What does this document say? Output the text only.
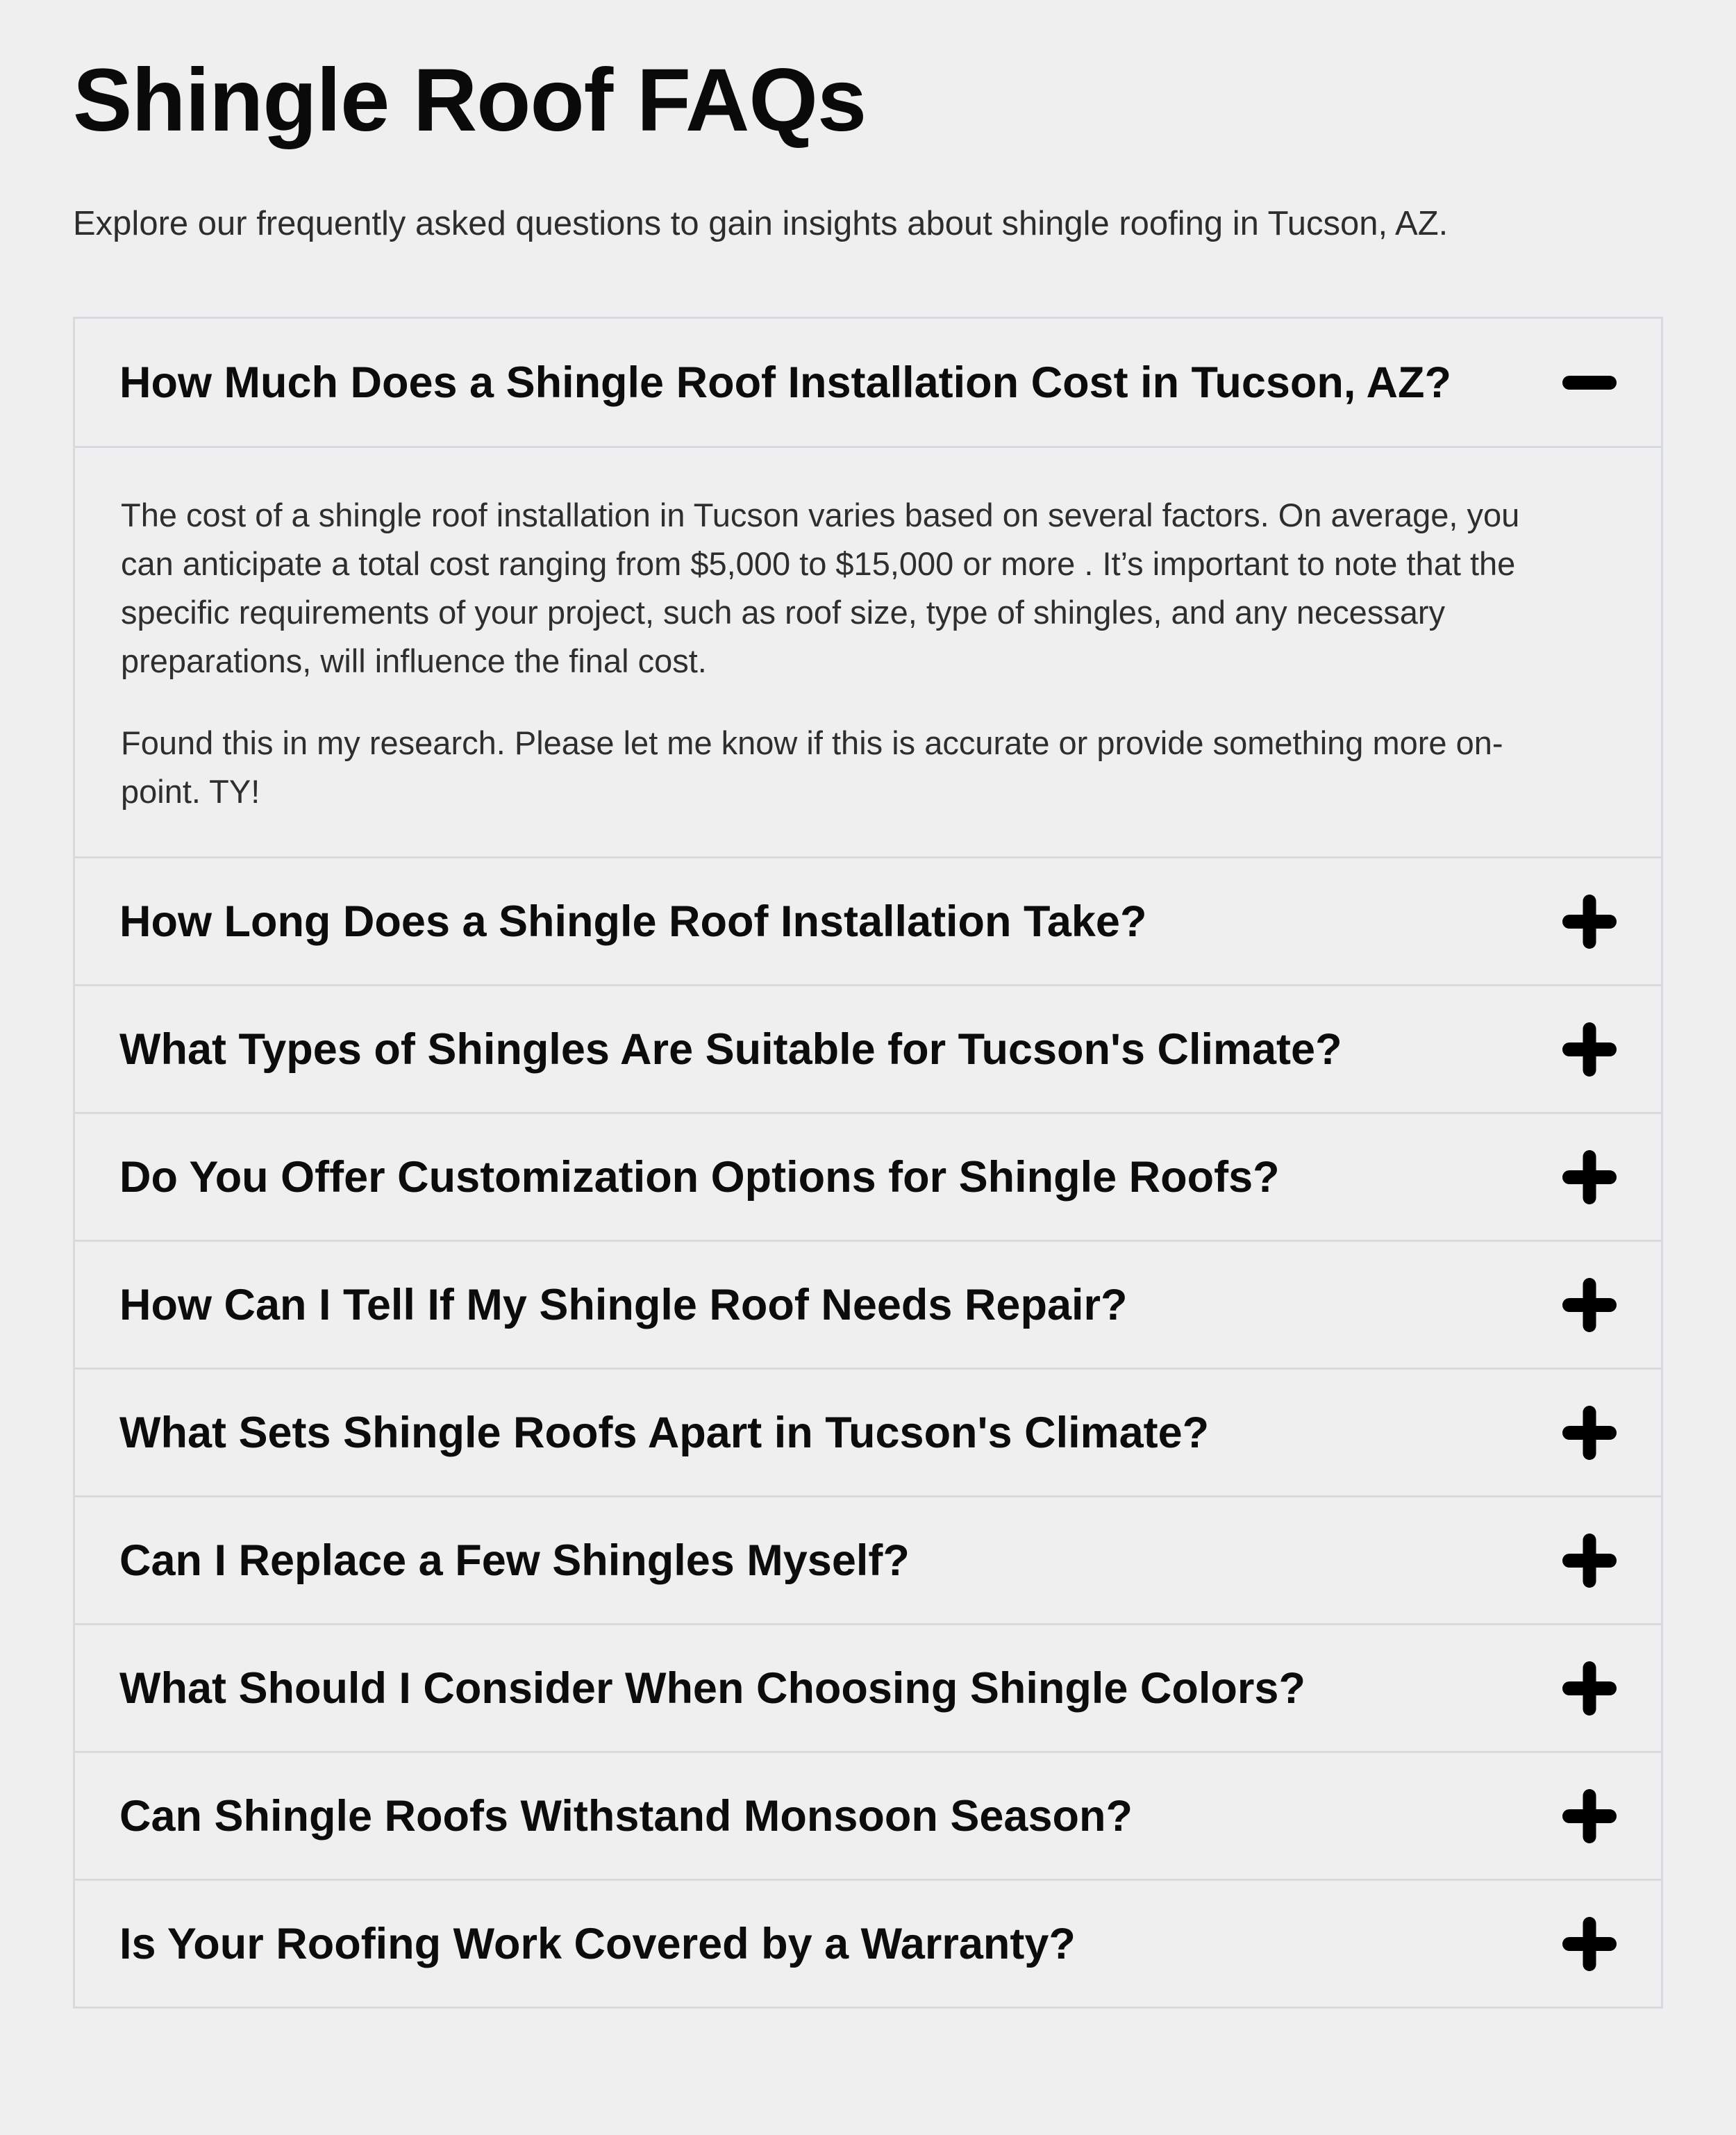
Shingle Roof FAQs

Explore our frequently asked questions to gain insights about shingle roofing in Tucson, AZ.

How Much Does a Shingle Roof Installation Cost in Tucson, AZ?

The cost of a shingle roof installation in Tucson varies based on several factors. On average, you can anticipate a total cost ranging from $5,000 to $15,000 or more . It’s important to note that the specific requirements of your project, such as roof size, type of shingles, and any necessary preparations, will influence the final cost.

Found this in my research. Please let me know if this is accurate or provide something more on-point. TY!

How Long Does a Shingle Roof Installation Take?
What Types of Shingles Are Suitable for Tucson's Climate?
Do You Offer Customization Options for Shingle Roofs?
How Can I Tell If My Shingle Roof Needs Repair?
What Sets Shingle Roofs Apart in Tucson's Climate?
Can I Replace a Few Shingles Myself?
What Should I Consider When Choosing Shingle Colors?
Can Shingle Roofs Withstand Monsoon Season?
Is Your Roofing Work Covered by a Warranty?
